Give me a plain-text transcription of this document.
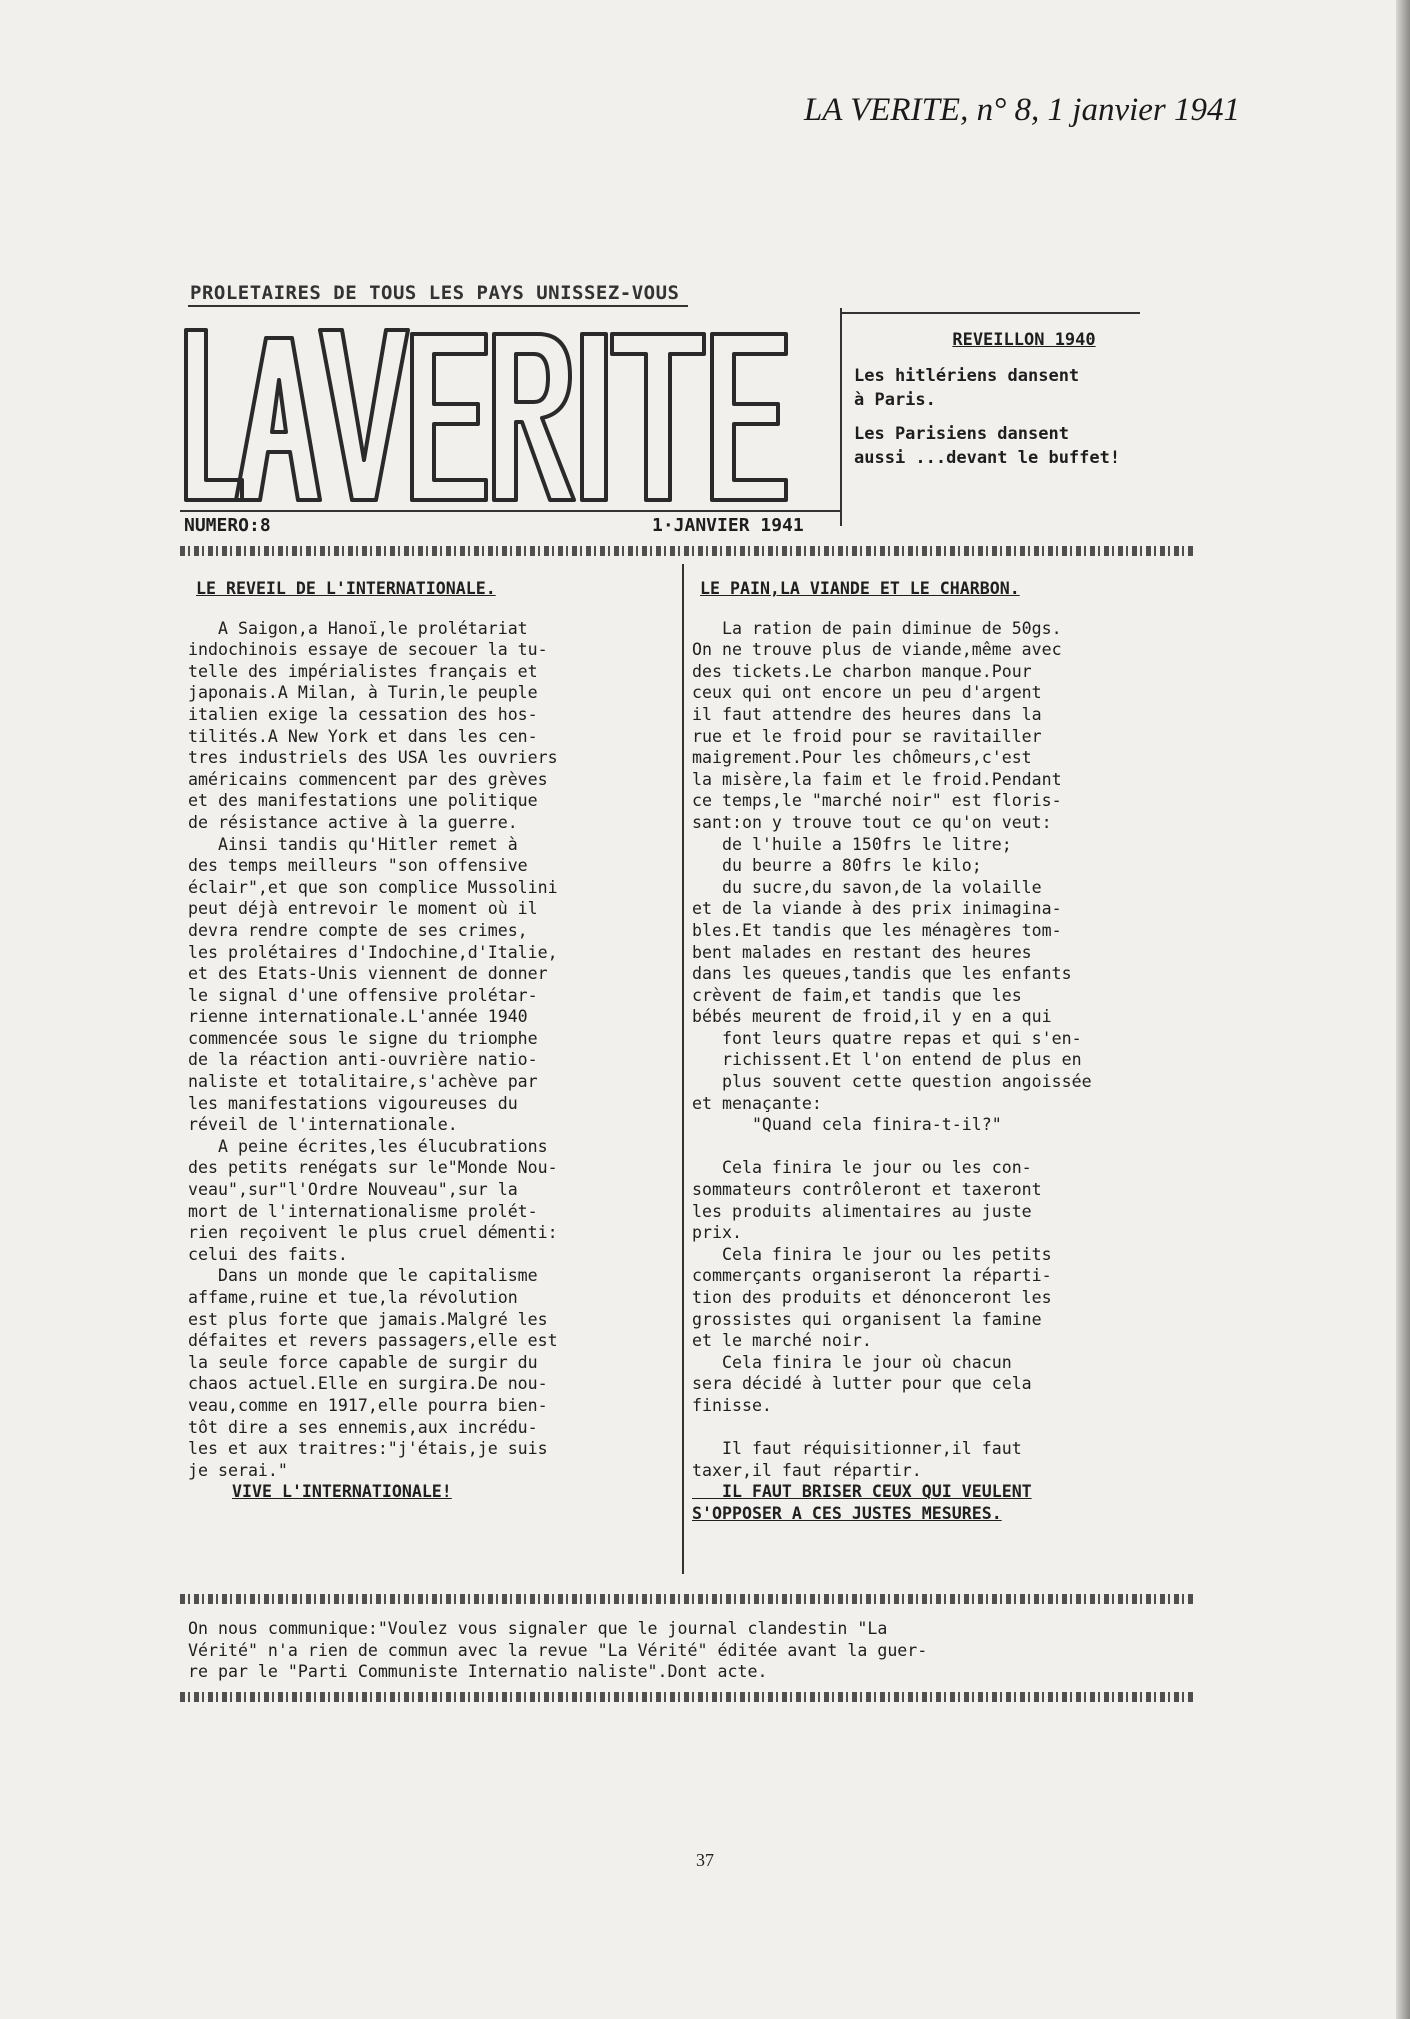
LA VERITE, n° 8, 1 janvier 1941
PROLETAIRES DE TOUS LES PAYS UNISSEZ-VOUS
NUMERO:8	1·JANVIER 1941

REVEILLON 1940

Les hitlériens dansent
à Paris.

Les Parisiens dansent
aussi ...devant le buffet!

LE REVEIL DE L'INTERNATIONALE.

A Saigon,a Hanoï,le prolétariat

indochinois essaye de secouer la tu-

telle des impérialistes français et

japonais.A Milan, à Turin,le peuple

italien exige la cessation des hos-

tilités.A New York et dans les cen-

tres industriels des USA les ouvriers

américains commencent par des grèves

et des manifestations une politique

de résistance active à la guerre.

Ainsi tandis qu'Hitler remet à

des temps meilleurs "son offensive

éclair",et que son complice Mussolini

peut déjà entrevoir le moment où il

devra rendre compte de ses crimes,

les prolétaires d'Indochine,d'Italie,

et des Etats-Unis viennent de donner

le signal d'une offensive prolétar-

rienne internationale.L'année 1940

commencée sous le signe du triomphe

de la réaction anti-ouvrière natio-

naliste et totalitaire,s'achève par

les manifestations vigoureuses du

réveil de l'internationale.

A peine écrites,les élucubrations

des petits renégats sur le"Monde Nou-

veau",sur"l'Ordre Nouveau",sur la

mort de l'internationalisme prolét-

rien reçoivent le plus cruel démenti:

celui des faits.

Dans un monde que le capitalisme

affame,ruine et tue,la révolution

est plus forte que jamais.Malgré les

défaites et revers passagers,elle est

la seule force capable de surgir du

chaos actuel.Elle en surgira.De nou-

veau,comme en 1917,elle pourra bien-

tôt dire a ses ennemis,aux incrédu-

les et aux traitres:"j'étais,je suis

je serai."

VIVE L'INTERNATIONALE!

LE PAIN,LA VIANDE ET LE CHARBON.

La ration de pain diminue de 50gs.

On ne trouve plus de viande,même avec

des tickets.Le charbon manque.Pour

ceux qui ont encore un peu d'argent

il faut attendre des heures dans la

rue et le froid pour se ravitailler

maigrement.Pour les chômeurs,c'est

la misère,la faim et le froid.Pendant

ce temps,le "marché noir" est floris-

sant:on y trouve tout ce qu'on veut:

de l'huile a 150frs le litre;

du beurre a 80frs le kilo;

du sucre,du savon,de la volaille

et de la viande à des prix inimagina-

bles.Et tandis que les ménagères tom-

bent malades en restant des heures

dans les queues,tandis que les enfants

crèvent de faim,et tandis que les

bébés meurent de froid,il y en a qui

font leurs quatre repas et qui s'en-

richissent.Et l'on entend de plus en

plus souvent cette question angoissée

et menaçante:

"Quand cela finira-t-il?"

Cela finira le jour ou les con-

sommateurs contrôleront et taxeront

les produits alimentaires au juste

prix.

Cela finira le jour ou les petits

commerçants organiseront la réparti-

tion des produits et dénonceront les

grossistes qui organisent la famine

et le marché noir.

Cela finira le jour où chacun

sera décidé à lutter pour que cela

finisse.

Il faut réquisitionner,il faut

taxer,il faut répartir.

IL FAUT BRISER CEUX QUI VEULENT

S'OPPOSER A CES JUSTES MESURES.

On nous communique:"Voulez vous signaler que le journal clandestin "La
Vérité" n'a rien de commun avec la revue "La Vérité" éditée avant la guer-
re par le "Parti Communiste Internatio naliste".Dont acte.
37
